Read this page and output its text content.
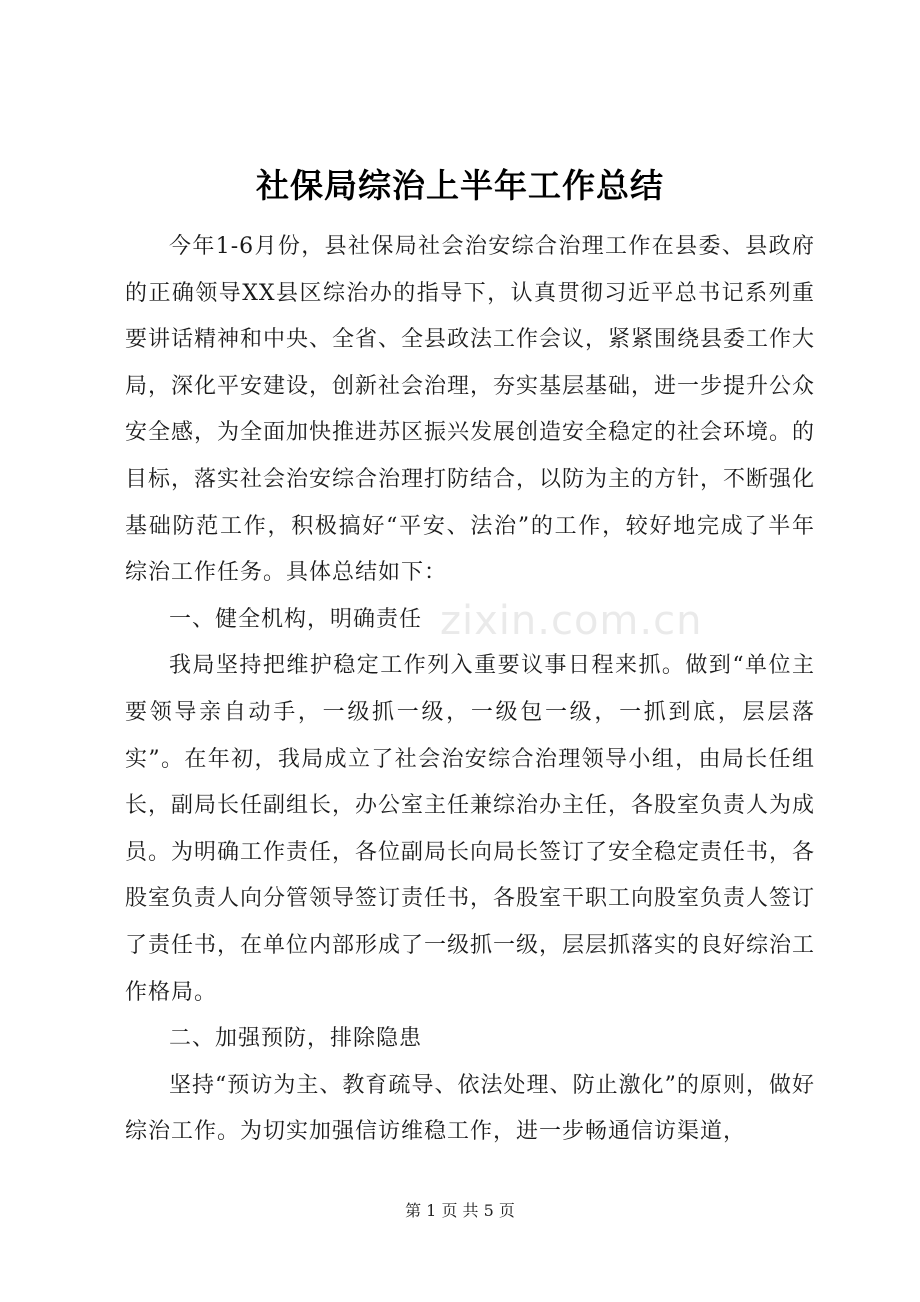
社保局综治上半年工作总结

今年1-6月份，县社保局社会治安综合治理工作在县委、县政府的正确领导XX县区综治办的指导下，认真贯彻习近平总书记系列重要讲话精神和中央、全省、全县政法工作会议，紧紧围绕县委工作大局，深化平安建设，创新社会治理，夯实基层基础，进一步提升公众安全感，为全面加快推进苏区振兴发展创造安全稳定的社会环境。的目标，落实社会治安综合治理打防结合，以防为主的方针，不断强化基础防范工作，积极搞好“平安、法治”的工作，较好地完成了半年综治工作任务。具体总结如下：

一、健全机构，明确责任

我局坚持把维护稳定工作列入重要议事日程来抓。做到“单位主要领导亲自动手，一级抓一级，一级包一级，一抓到底，层层落实”。在年初，我局成立了社会治安综合治理领导小组，由局长任组长，副局长任副组长，办公室主任兼综治办主任，各股室负责人为成员。为明确工作责任，各位副局长向局长签订了安全稳定责任书，各股室负责人向分管领导签订责任书，各股室干职工向股室负责人签订了责任书，在单位内部形成了一级抓一级，层层抓落实的良好综治工作格局。

二、加强预防，排除隐患

坚持“预访为主、教育疏导、依法处理、防止激化”的原则，做好综治工作。为切实加强信访维稳工作，进一步畅通信访渠道，

zixin.com.cn
第 1 页 共 5 页
